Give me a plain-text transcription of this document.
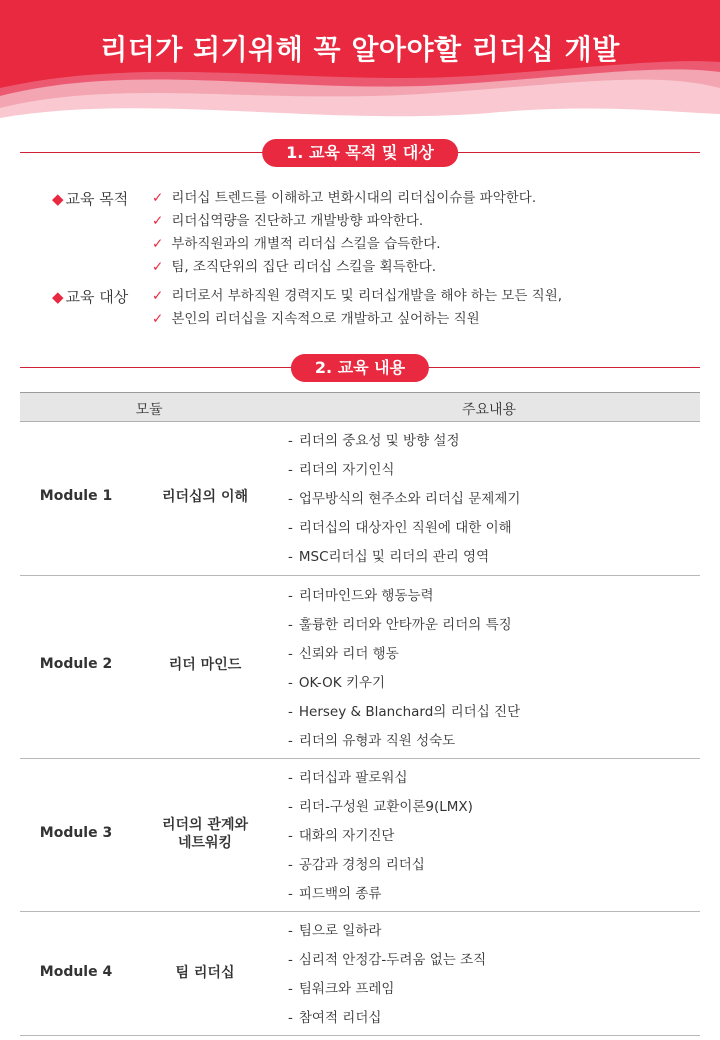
리더가 되기위해 꼭 알아야할 리더십 개발
1. 교육 목적 및 대상
◆ 교육 목적 ✓ 리더십 트렌드를 이해하고 변화시대의 리더십이슈를 파악한다.
✓ 리더십역량을 진단하고 개발방향 파악한다.
✓ 부하직원과의 개별적 리더십 스킬을 습득한다.
✓ 팀, 조직단위의 집단 리더십 스킬을 획득한다.
◆ 교육 대상 ✓ 리더로서 부하직원 경력지도 및 리더십개발을 해야 하는 모든 직원,
✓ 본인의 리더십을 지속적으로 개발하고 싶어하는 직원
2. 교육 내용
모듈	주요내용
Module 1	리더십의 이해
- 리더의 중요성 및 방향 설정
- 리더의 자기인식
- 업무방식의 현주소와 리더십 문제제기
- 리더십의 대상자인 직원에 대한 이해
- MSC리더십 및 리더의 관리 영역
Module 2	리더 마인드
- 리더마인드와 행동능력
- 훌륭한 리더와 안타까운 리더의 특징
- 신뢰와 리더 행동
- OK-OK 키우기
- Hersey & Blanchard의 리더십 진단
- 리더의 유형과 직원 성숙도
Module 3	리더의 관계와
네트워킹
- 리더십과 팔로워십
- 리더-구성원 교환이론9(LMX)
- 대화의 자기진단
- 공감과 경청의 리더십
- 피드백의 종류
Module 4	팀 리더십
- 팀으로 일하라
- 심리적 안정감-두려움 없는 조직
- 팀워크와 프레임
- 참여적 리더십
